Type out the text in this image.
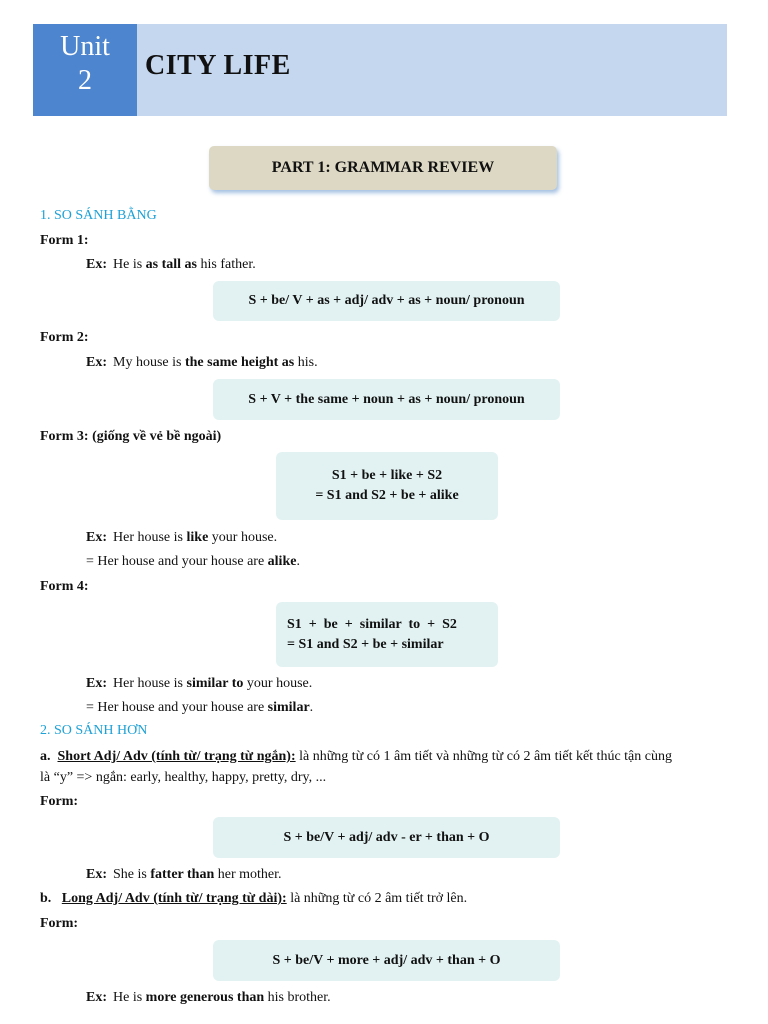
Unit
2	CITY LIFE
PART 1: GRAMMAR REVIEW
1. SO SÁNH BẰNG
Form 1:
Ex: He is as tall as his father.
S + be/ V + as + adj/ adv + as + noun/ pronoun
Form 2:
Ex: My house is the same height as his.
S + V + the same + noun + as + noun/ pronoun
Form 3: (giống về vẻ bề ngoài)
S1 + be + like + S2
= S1 and S2 + be + alike
Ex: Her house is like your house.
= Her house and your house are alike.
Form 4:
S1  +  be  +  similar  to  +  S2
= S1 and S2 + be + similar
Ex: Her house is similar to your house.
= Her house and your house are similar.
2. SO SÁNH HƠN
a. Short Adj/ Adv (tính từ/ trạng từ ngắn): là những từ có 1 âm tiết và những từ có 2 âm tiết kết thúc tận cùng
là “y” => ngắn: early, healthy, happy, pretty, dry, ...
Form:
S + be/V + adj/ adv - er + than + O
Ex: She is fatter than her mother.
b. Long Adj/ Adv (tính từ/ trạng từ dài): là những từ có 2 âm tiết trở lên.
Form:
S + be/V + more + adj/ adv + than + O
Ex: He is more generous than his brother.
